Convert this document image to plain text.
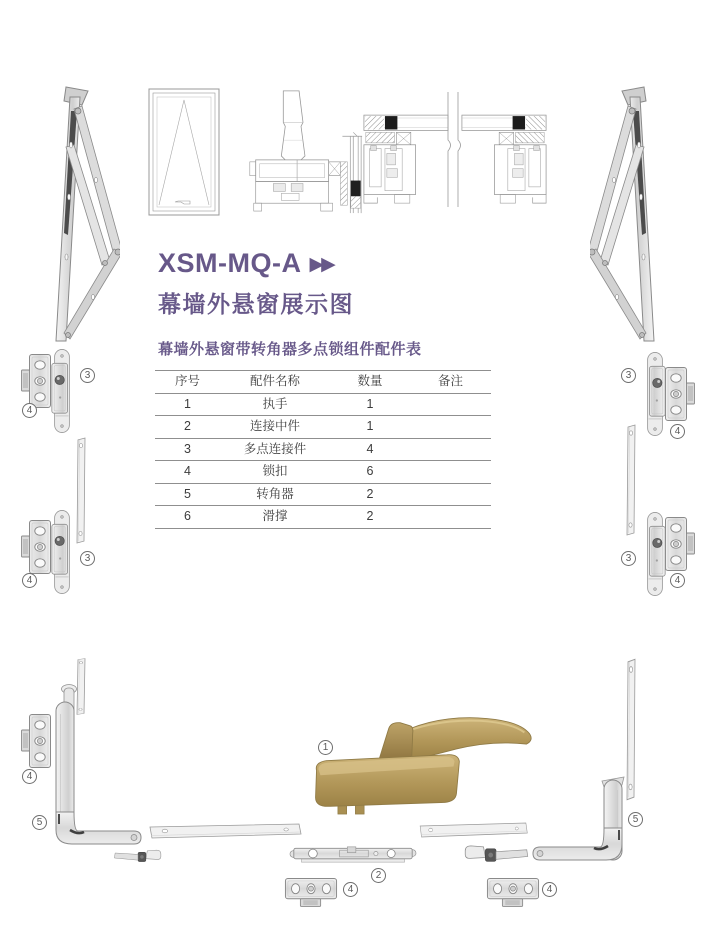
XSM-MQ-A ▶▶
幕墙外悬窗展示图
幕墙外悬窗带转角器多点锁组件配件表
序号	配件名称	数量	备注
1	执手	1	
2	连接中件	1	
3	多点连接件	4	
4	锁扣	6	
5	转角器	2	
6	滑撑	2	
3
4
3
4
3
4
3
4
4
5	5
1
2
4	4
